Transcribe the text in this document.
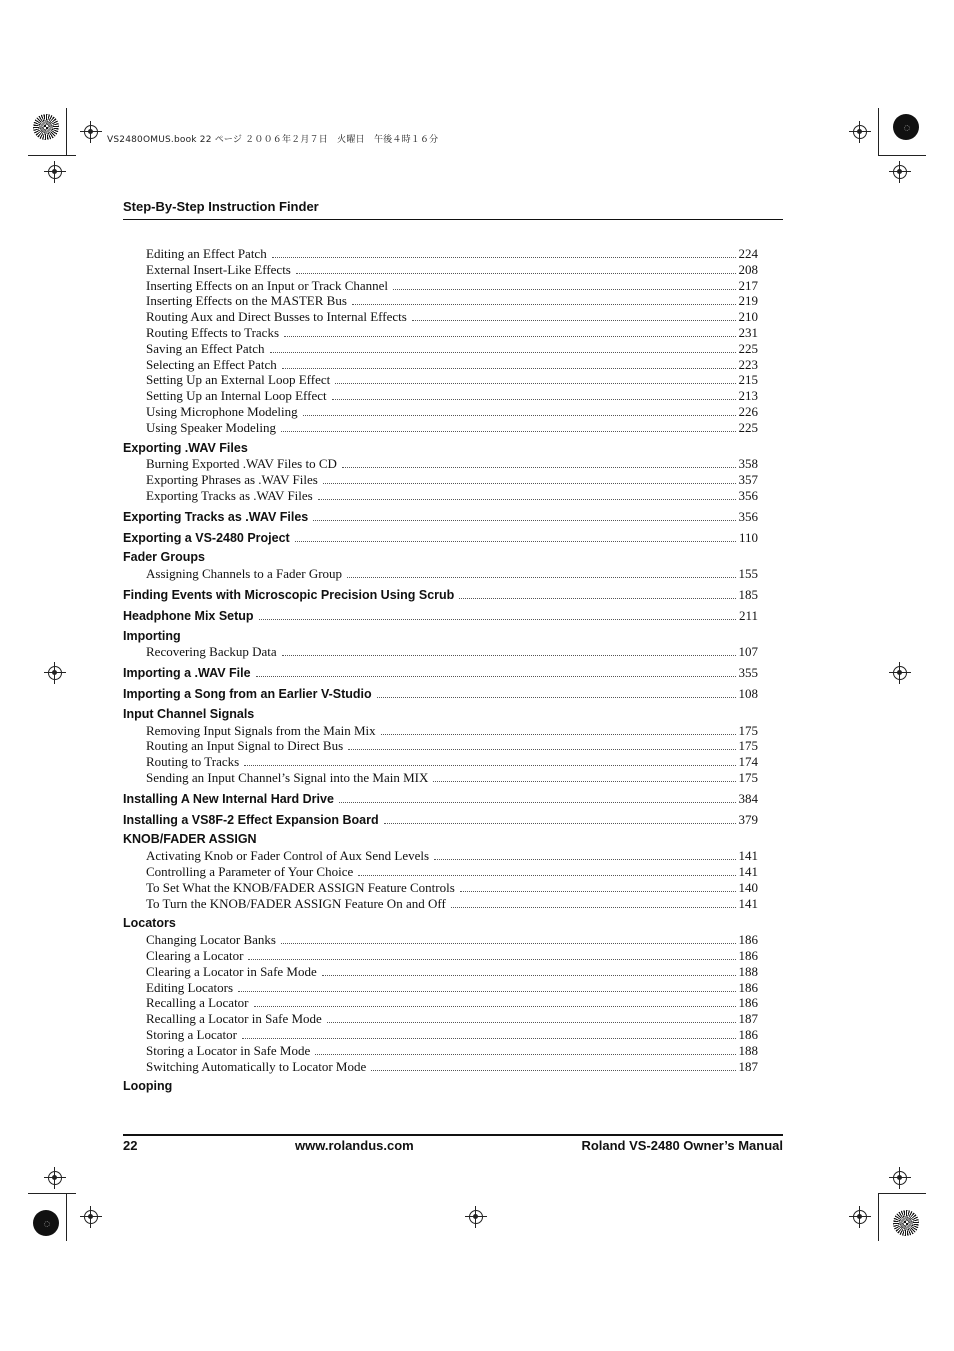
VS2480OMUS.book 22 ページ ２００６年２月７日　火曜日　午後４時１６分
Step-By-Step Instruction Finder
Editing an Effect Patch	224
External Insert-Like Effects	208
Inserting Effects on an Input or Track Channel	217
Inserting Effects on the MASTER Bus	219
Routing Aux and Direct Busses to Internal Effects	210
Routing Effects to Tracks	231
Saving an Effect Patch	225
Selecting an Effect Patch	223
Setting Up an External Loop Effect	215
Setting Up an Internal Loop Effect	213
Using Microphone Modeling	226
Using Speaker Modeling	225
Exporting .WAV Files
Burning Exported .WAV Files to CD	358
Exporting Phrases as .WAV Files	357
Exporting Tracks as .WAV Files	356
Exporting Tracks as .WAV Files	356
Exporting a VS-2480 Project	110
Fader Groups
Assigning Channels to a Fader Group	155
Finding Events with Microscopic Precision Using Scrub	185
Headphone Mix Setup	211
Importing
Recovering Backup Data	107
Importing a .WAV File	355
Importing a Song from an Earlier V-Studio	108
Input Channel Signals
Removing Input Signals from the Main Mix	175
Routing an Input Signal to Direct Bus	175
Routing to Tracks	174
Sending an Input Channel’s Signal into the Main MIX	175
Installing A New Internal Hard Drive	384
Installing a VS8F-2 Effect Expansion Board	379
KNOB/FADER ASSIGN
Activating Knob or Fader Control of Aux Send Levels	141
Controlling a Parameter of Your Choice	141
To Set What the KNOB/FADER ASSIGN Feature Controls	140
To Turn the KNOB/FADER ASSIGN Feature On and Off	141
Locators
Changing Locator Banks	186
Clearing a Locator	186
Clearing a Locator in Safe Mode	188
Editing Locators	186
Recalling a Locator	186
Recalling a Locator in Safe Mode	187
Storing a Locator	186
Storing a Locator in Safe Mode	188
Switching Automatically to Locator Mode	187
Looping
22	www.rolandus.com	Roland VS-2480 Owner’s Manual
